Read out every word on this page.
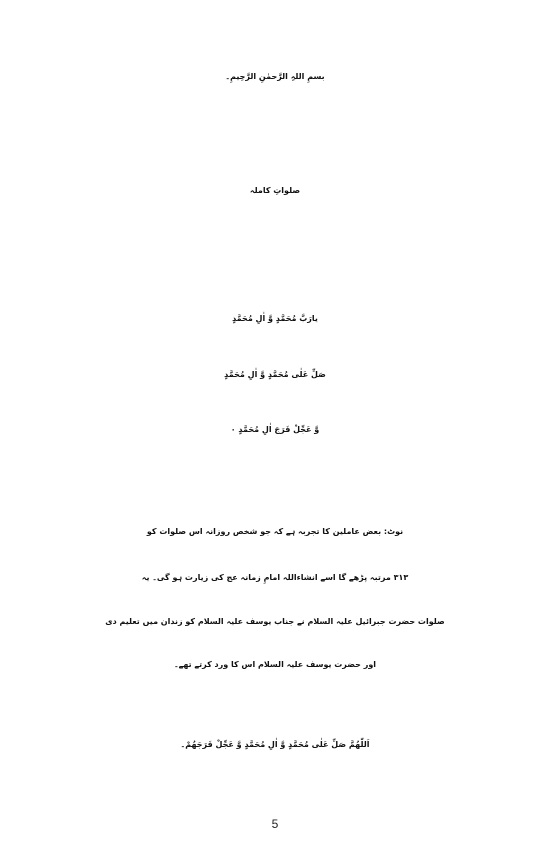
بسمِ اللہِ الرَّحمٰنِ الرَّحِیمِ۔
صلواتِ کاملہ
یارَبَّ مُحَمَّدٍ وَّ اٰلِ مُحَمَّدٍ
صَلِّ عَلٰی مُحَمَّدٍ وَّ اٰلِ مُحَمَّدٍ
وَّ عَجِّلْ فَرَجَ اٰلِ مُحَمَّدٍ ۰
نوٹ: بعض عاملین کا تجربہ ہے کہ جو شخص روزانہ اس صلوات کو
۳۱۳ مرتبہ پڑھے گا اسے انشاءاللہ امامِ زمانہ عج کی زیارت ہو گی۔ یہ
صلوات حضرت جبرائیل علیہ السلام نے جناب یوسف علیہ السلام کو زندان میں تعلیم دی
اور حضرت یوسف علیہ السلام اس کا ورد کرتے تھے۔
اَللّٰھُمَّ صَلِّ عَلٰی مُحَمَّدٍ وَّ اٰلِ مُحَمَّدٍ وَّ عَجِّلْ فَرَجَھُمْ۔
5
